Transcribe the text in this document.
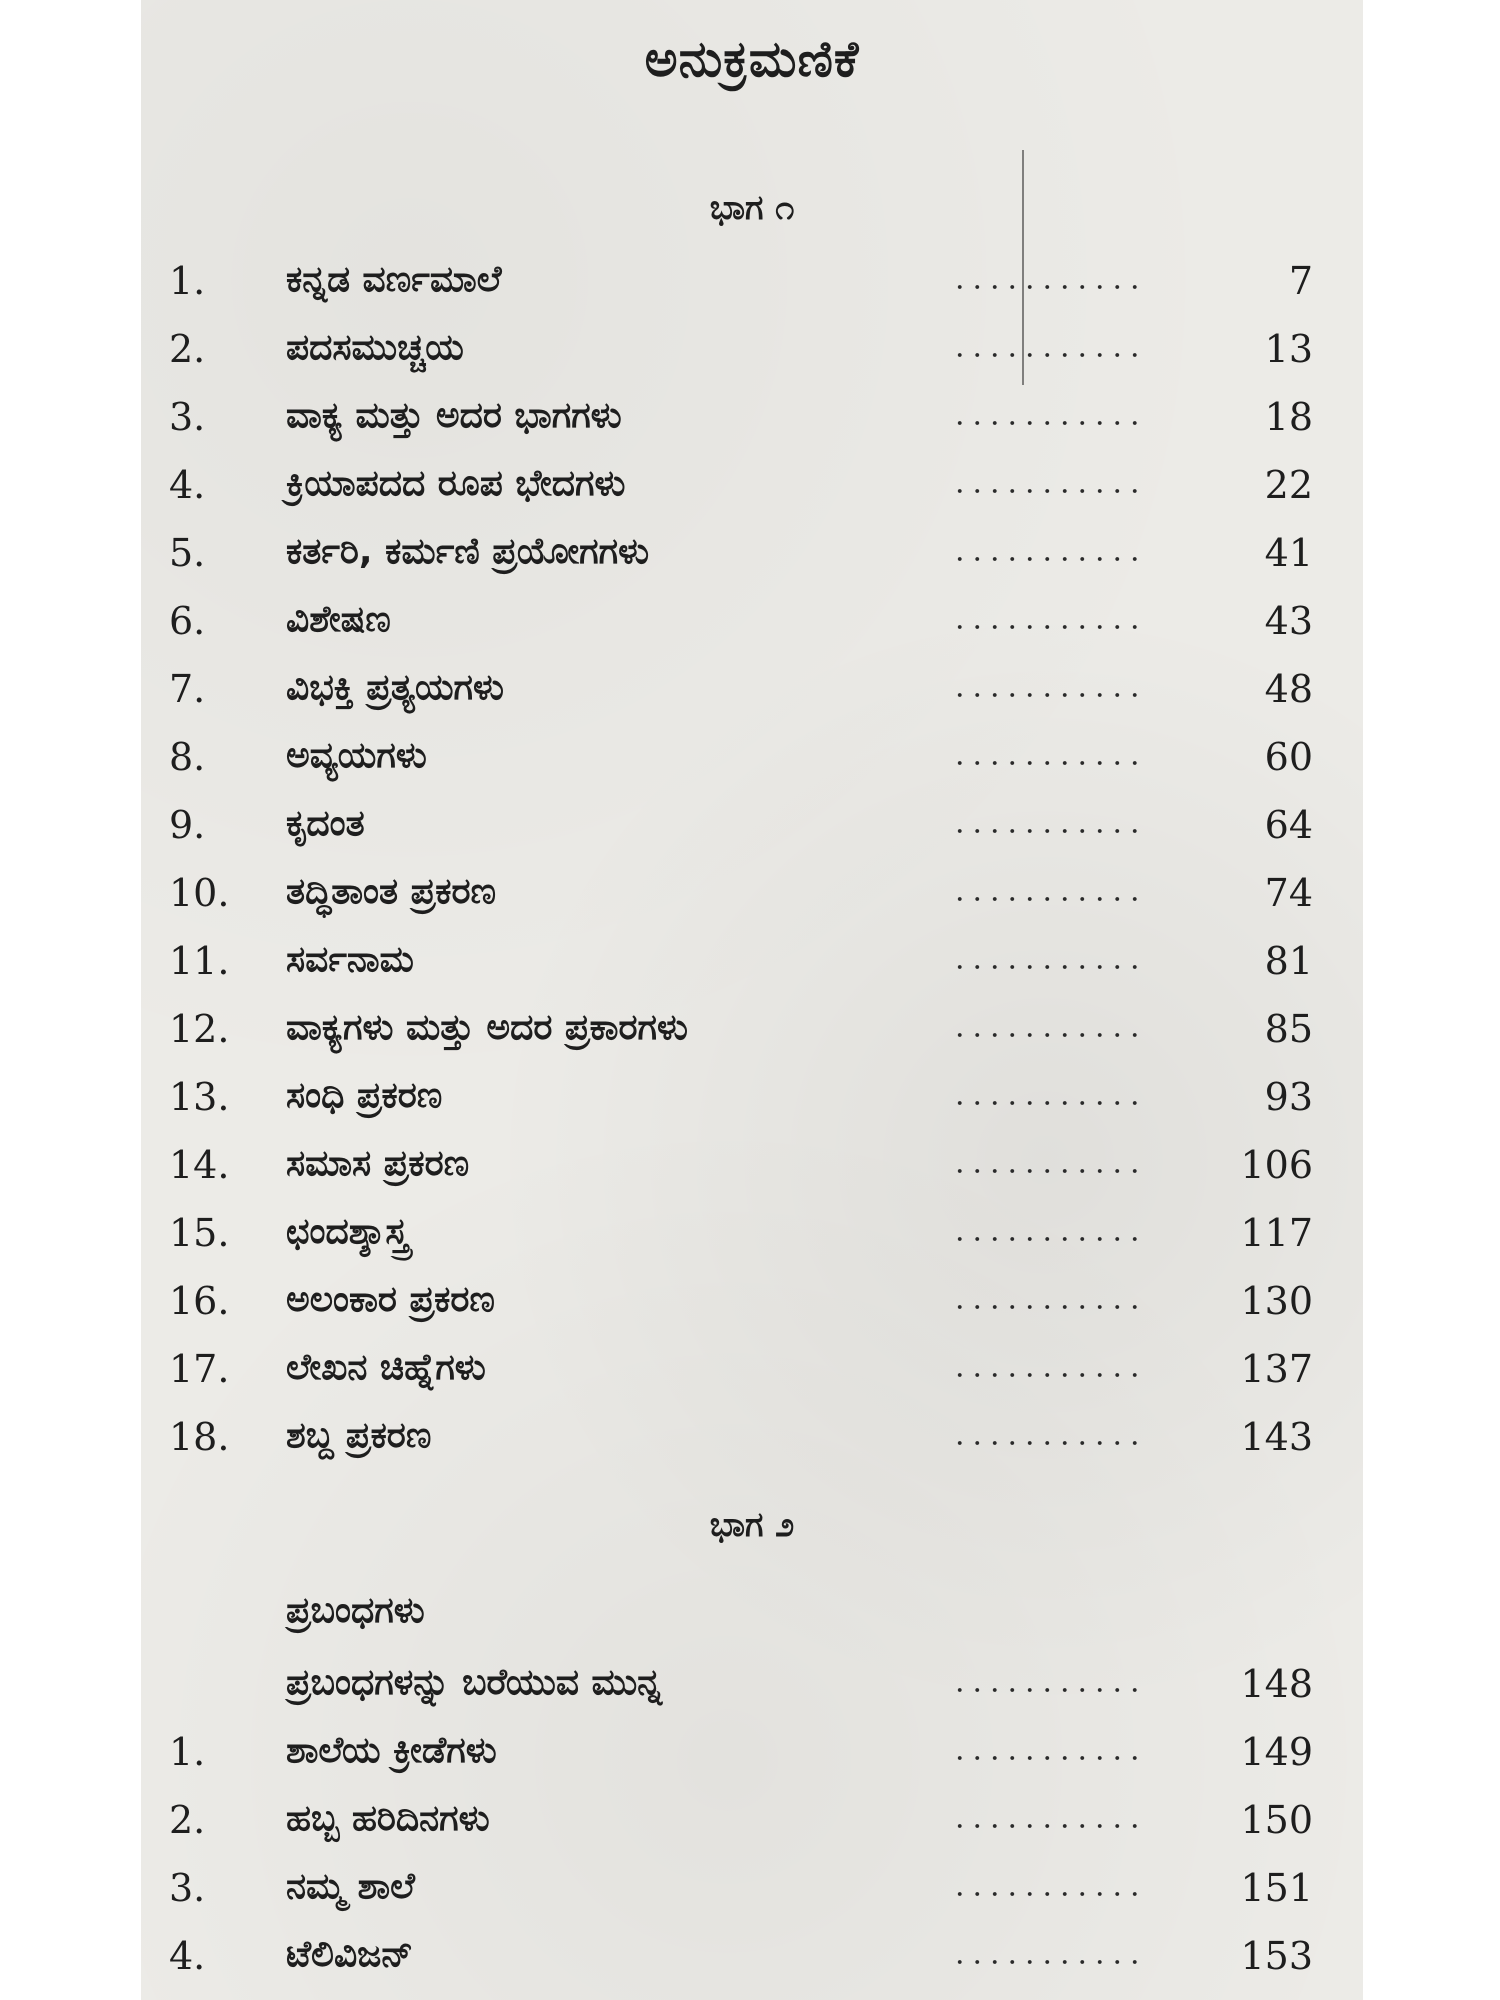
ಅನುಕ್ರಮಣಿಕೆ
ಭಾಗ ೧
1. ಕನ್ನಡ ವರ್ಣಮಾಲೆ	7
2. ಪದಸಮುಚ್ಚಯ	13
3. ವಾಕ್ಯ ಮತ್ತು ಅದರ ಭಾಗಗಳು	18
4. ಕ್ರಿಯಾಪದದ ರೂಪ ಭೇದಗಳು	22
5. ಕರ್ತರಿ, ಕರ್ಮಣಿ ಪ್ರಯೋಗಗಳು	41
6. ವಿಶೇಷಣ	43
7. ವಿಭಕ್ತಿ ಪ್ರತ್ಯಯಗಳು	48
8. ಅವ್ಯಯಗಳು	60
9. ಕೃದಂತ	64
10. ತದ್ಧಿತಾಂತ ಪ್ರಕರಣ	74
11. ಸರ್ವನಾಮ	81
12. ವಾಕ್ಯಗಳು ಮತ್ತು ಅದರ ಪ್ರಕಾರಗಳು	85
13. ಸಂಧಿ ಪ್ರಕರಣ	93
14. ಸಮಾಸ ಪ್ರಕರಣ	106
15. ಛಂದಶ್ಶಾಸ್ತ್ರ	117
16. ಅಲಂಕಾರ ಪ್ರಕರಣ	130
17. ಲೇಖನ ಚಿಹ್ನೆಗಳು	137
18. ಶಬ್ದ ಪ್ರಕರಣ	143
ಭಾಗ ೨
ಪ್ರಬಂಧಗಳು
ಪ್ರಬಂಧಗಳನ್ನು ಬರೆಯುವ ಮುನ್ನ	148
1. ಶಾಲೆಯ ಕ್ರೀಡೆಗಳು	149
2. ಹಬ್ಬ ಹರಿದಿನಗಳು	150
3. ನಮ್ಮ ಶಾಲೆ	151
4. ಟೆಲಿವಿಜನ್	153
